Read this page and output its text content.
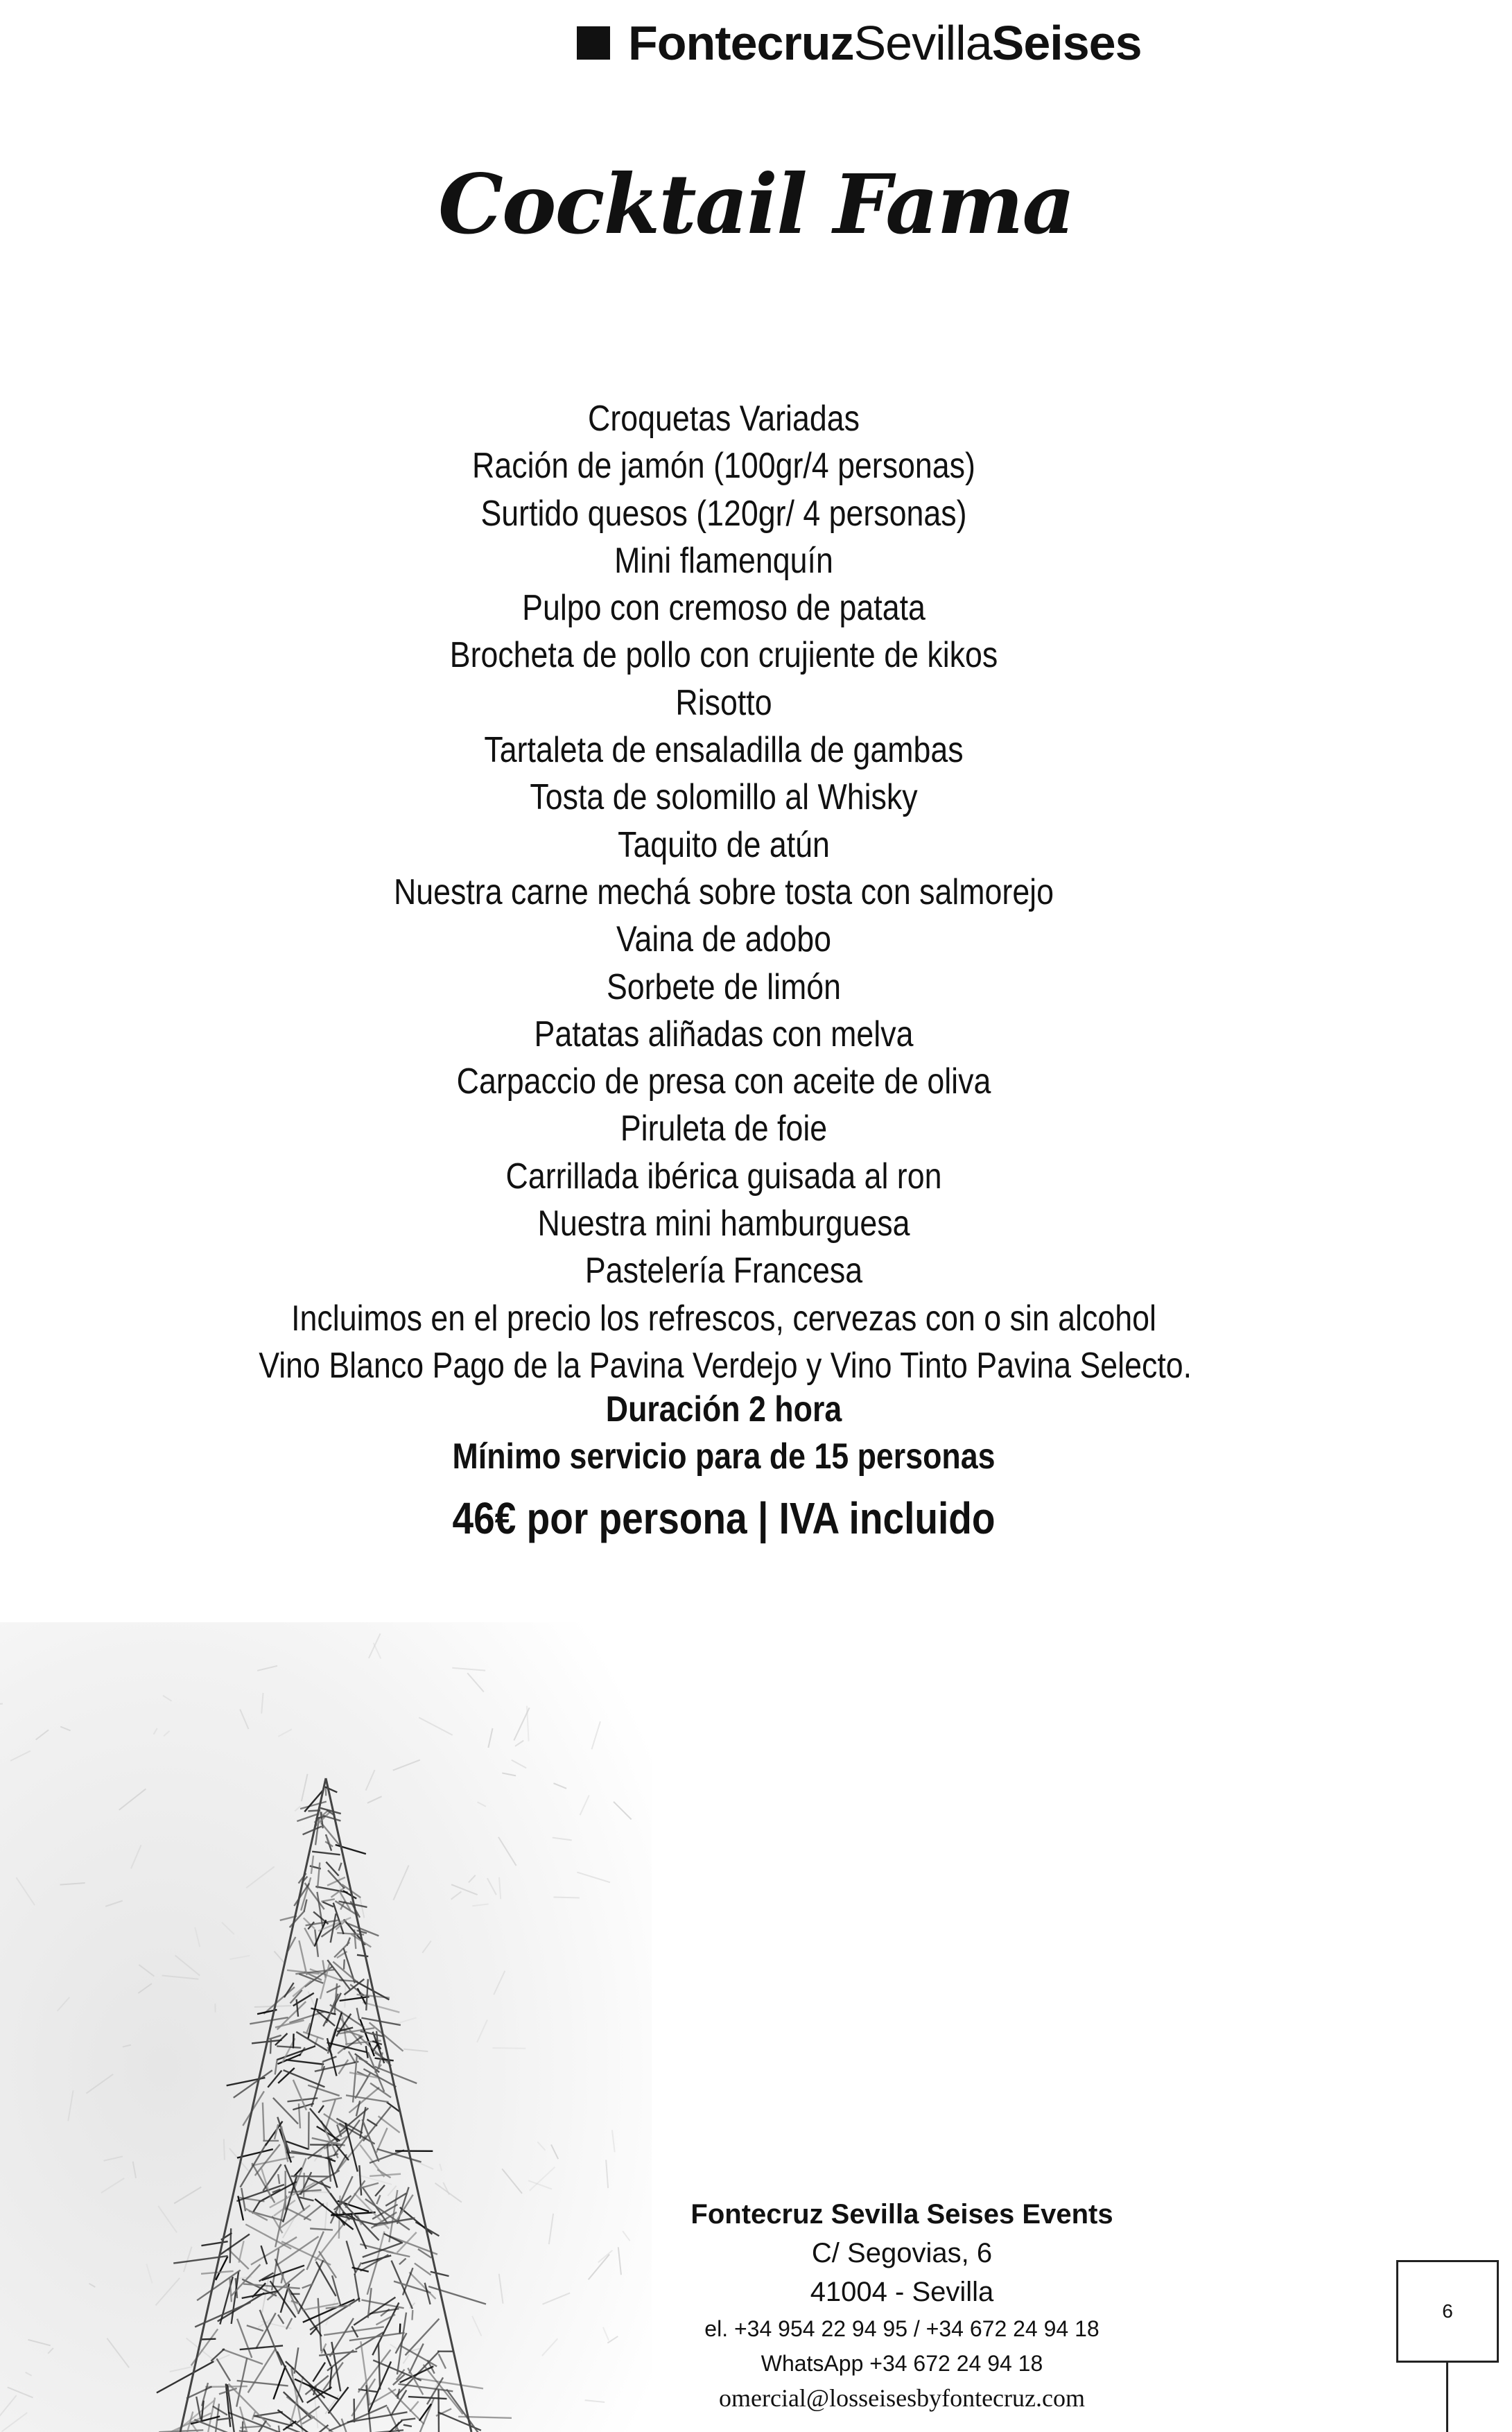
Fontecruz Sevilla Seises
Cocktail Fama
Croquetas Variadas
Ración de jamón (100gr/4 personas)
Surtido quesos (120gr/ 4 personas)
Mini flamenquín
Pulpo con cremoso de patata
Brocheta de pollo con crujiente de kikos
Risotto
Tartaleta de ensaladilla de gambas
Tosta de solomillo al Whisky
Taquito de atún
Nuestra carne mechá sobre tosta con salmorejo
Vaina de adobo
Sorbete de limón
Patatas aliñadas con melva
Carpaccio de presa con aceite de oliva
Piruleta de foie
Carrillada ibérica guisada al ron
Nuestra mini hamburguesa
Pastelería Francesa
Incluimos en el precio los refrescos, cervezas con o sin alcohol
Vino Blanco Pago de la Pavina Verdejo y Vino Tinto Pavina Selecto.
Duración 2 hora
Mínimo servicio para de 15 personas
46€ por persona | IVA incluido
Fontecruz Sevilla Seises Events
C/ Segovias, 6
41004 - Sevilla
el. +34 954 22 94 95 / +34 672 24 94 18
WhatsApp +34 672 24 94 18
omercial@losseisesbyfontecruz.com
6
